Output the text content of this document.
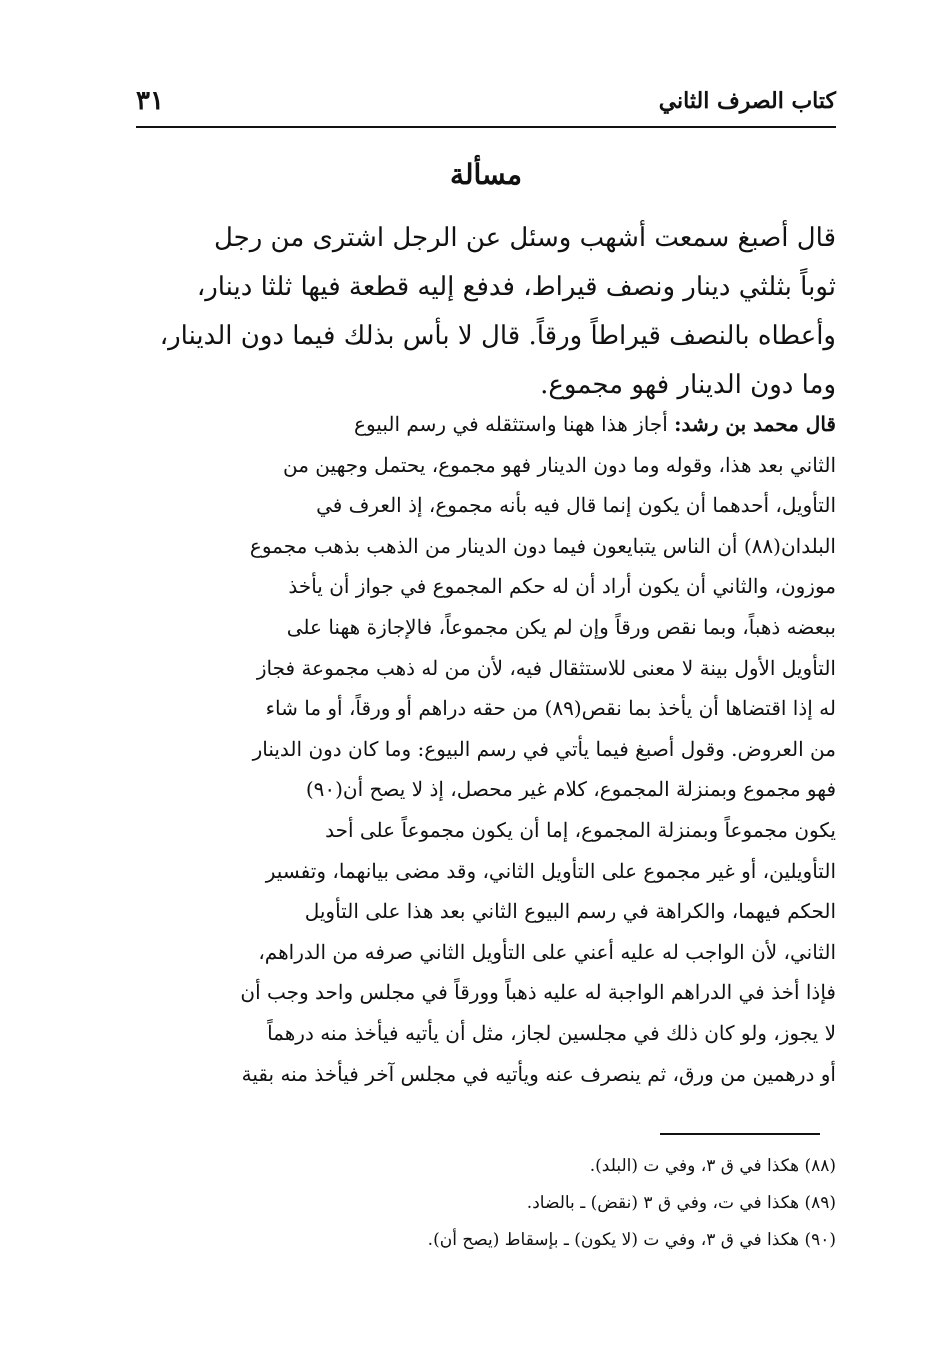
كتاب الصرف الثاني
٣١
مسألة
قال أصبغ سمعت أشهب وسئل عن الرجل اشترى من رجل
ثوباً بثلثي دينار ونصف قيراط، فدفع إليه قطعة فيها ثلثا دينار،
وأعطاه بالنصف قيراطاً ورقاً. قال لا بأس بذلك فيما دون الدينار،
وما دون الدينار فهو مجموع.
قال محمد بن رشد: أجاز هذا ههنا واستثقله في رسم البيوع
الثاني بعد هذا، وقوله وما دون الدينار فهو مجموع، يحتمل وجهين من
التأويل، أحدهما أن يكون إنما قال فيه بأنه مجموع، إذ العرف في
البلدان(٨٨) أن الناس يتبايعون فيما دون الدينار من الذهب بذهب مجموع
موزون، والثاني أن يكون أراد أن له حكم المجموع في جواز أن يأخذ
ببعضه ذهباً، وبما نقص ورقاً وإن لم يكن مجموعاً، فالإجازة ههنا على
التأويل الأول بينة لا معنى للاستثقال فيه، لأن من له ذهب مجموعة فجاز
له إذا اقتضاها أن يأخذ بما نقص(٨٩) من حقه دراهم أو ورقاً، أو ما شاء
من العروض. وقول أصبغ فيما يأتي في رسم البيوع: وما كان دون الدينار
فهو مجموع وبمنزلة المجموع، كلام غير محصل، إذ لا يصح أن(٩٠)
يكون مجموعاً وبمنزلة المجموع، إما أن يكون مجموعاً على أحد
التأويلين، أو غير مجموع على التأويل الثاني، وقد مضى بيانهما، وتفسير
الحكم فيهما، والكراهة في رسم البيوع الثاني بعد هذا على التأويل
الثاني، لأن الواجب له عليه أعني على التأويل الثاني صرفه من الدراهم،
فإذا أخذ في الدراهم الواجبة له عليه ذهباً وورقاً في مجلس واحد وجب أن
لا يجوز، ولو كان ذلك في مجلسين لجاز، مثل أن يأتيه فيأخذ منه درهماً
أو درهمين من ورق، ثم ينصرف عنه ويأتيه في مجلس آخر فيأخذ منه بقية
(٨٨) هكذا في ق ٣، وفي ت (البلد).
(٨٩) هكذا في ت، وفي ق ٣ (نقض) ـ بالضاد.
(٩٠) هكذا في ق ٣، وفي ت (لا يكون) ـ بإسقاط (يصح أن).
